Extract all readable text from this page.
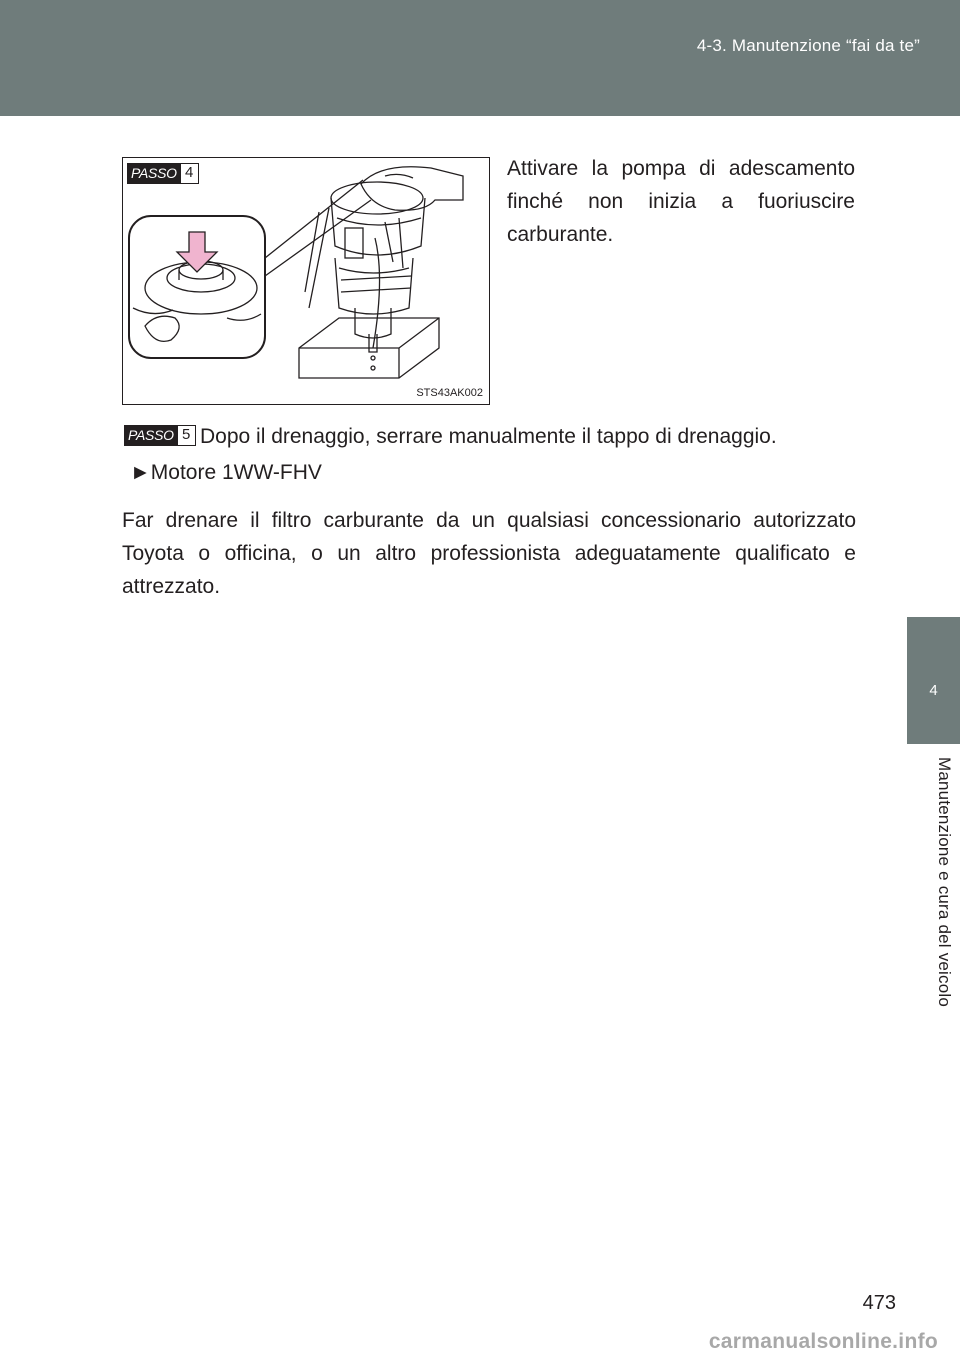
4-3. Manutenzione “fai da te”
4
Manutenzione e cura del veicolo
PASSO 4
STS43AK002
Attivare la pompa di adescamento finché non inizia a fuoriuscire carburante.
PASSO 5 Dopo il drenaggio, serrare manualmente il tappo di drenaggio.
►Motore 1WW-FHV
Far drenare il filtro carburante da un qualsiasi concessionario autorizzato Toyota o officina, o un altro professionista adeguatamente qualificato e attrezzato.
473
carmanualsonline.info
